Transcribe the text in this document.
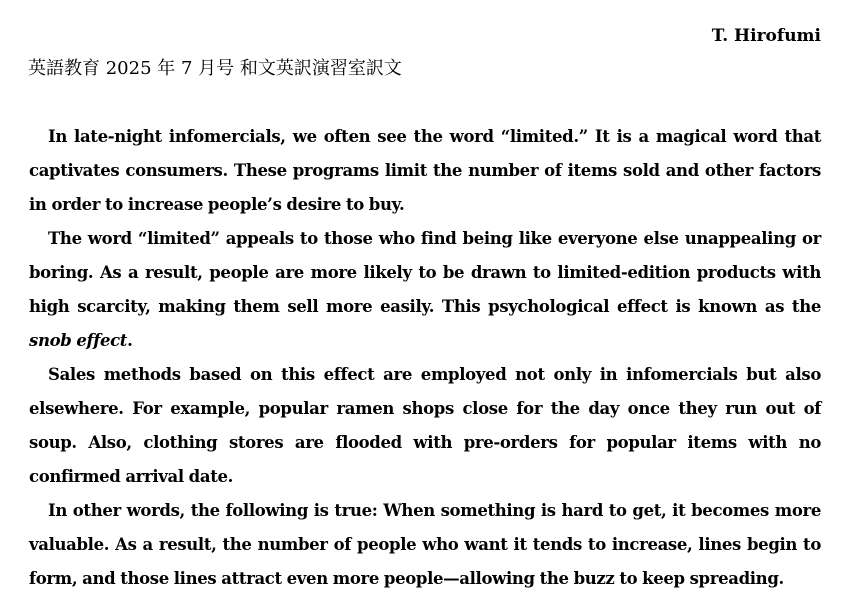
T. Hirofumi
英語教育 2025 年 7 月号 和文英訳演習室訳文

In late-night infomercials, we often see the word “limited.” It is a magical word that captivates consumers. These programs limit the number of items sold and other factors in order to increase people’s desire to buy.

The word “limited” appeals to those who find being like everyone else unappealing or boring. As a result, people are more likely to be drawn to limited-edition products with high scarcity, making them sell more easily. This psychological effect is known as the snob effect.

Sales methods based on this effect are employed not only in infomercials but also elsewhere. For example, popular ramen shops close for the day once they run out of soup. Also, clothing stores are flooded with pre-orders for popular items with no confirmed arrival date.

In other words, the following is true: When something is hard to get, it becomes more valuable. As a result, the number of people who want it tends to increase, lines begin to form, and those lines attract even more people—allowing the buzz to keep spreading.
